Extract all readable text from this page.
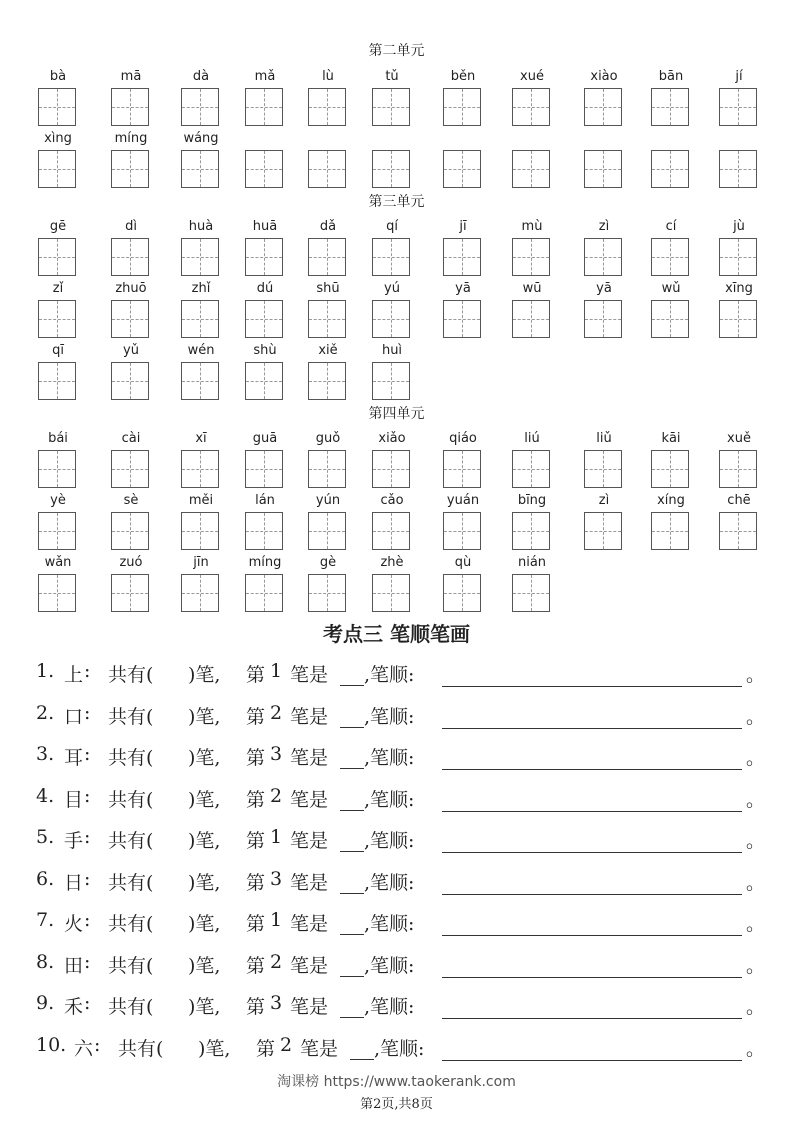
第二单元
bà	mā	dà	mǎ	lù	tǔ	běn	xué	xiào	bān	jí
xìng	míng	wáng
第三单元
gē	dì	huà	huā	dǎ	qí	jī	mù	zì	cí	jù
zǐ	zhuō	zhǐ	dú	shū	yú	yā	wū	yā	wǔ	xīng
qī	yǔ	wén	shù	xiě	huì
第四单元
bái	cài	xī	guā	guǒ	xiǎo	qiáo	liú	liǔ	kāi	xuě
yè	sè	měi	lán	yún	cǎo	yuán	bīng	zì	xíng	chē
wǎn	zuó	jīn	míng	gè	zhè	qù	nián
考点三 笔顺笔画
1. 上 : 共有( )笔, 第 1 笔是 ,笔顺:	。
2. 口 : 共有( )笔, 第 2 笔是 ,笔顺:	。
3. 耳 : 共有( )笔, 第 3 笔是 ,笔顺:	。
4. 目 : 共有( )笔, 第 2 笔是 ,笔顺:	。
5. 手 : 共有( )笔, 第 1 笔是 ,笔顺:	。
6. 日 : 共有( )笔, 第 3 笔是 ,笔顺:	。
7. 火 : 共有( )笔, 第 1 笔是 ,笔顺:	。
8. 田 : 共有( )笔, 第 2 笔是 ,笔顺:	。
9. 禾 : 共有( )笔, 第 3 笔是 ,笔顺:	。
10. 六 : 共有( )笔, 第 2 笔是 ,笔顺:	。
淘课榜 https://www.taokerank.com
第2页,共8页
